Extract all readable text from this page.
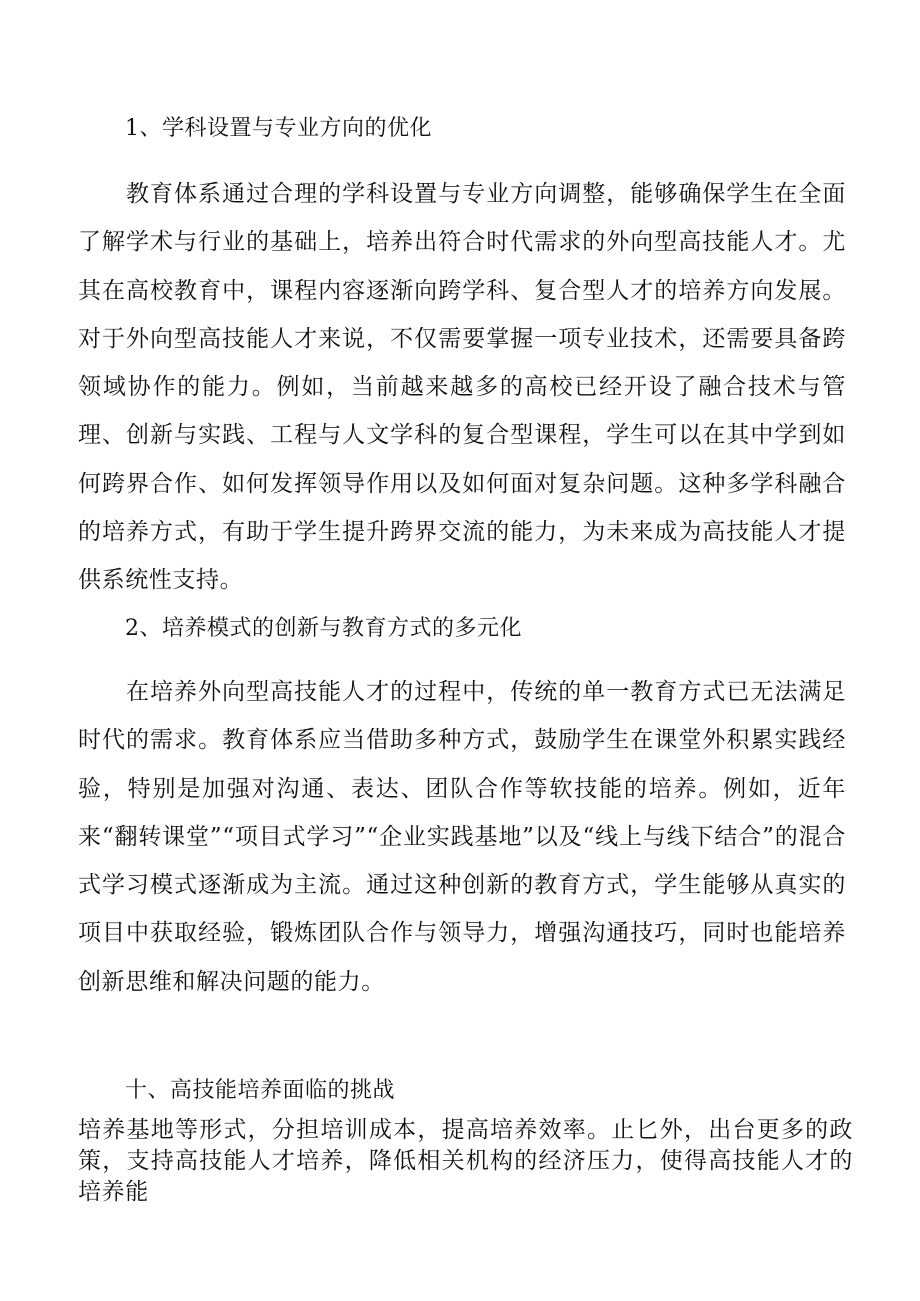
1、学科设置与专业方向的优化

教育体系通过合理的学科设置与专业方向调整，能够确保学生在全面了解学术与行业的基础上，培养出符合时代需求的外向型高技能人才。尤其在高校教育中，课程内容逐渐向跨学科、复合型人才的培养方向发展。对于外向型高技能人才来说，不仅需要掌握一项专业技术，还需要具备跨领域协作的能力。例如，当前越来越多的高校已经开设了融合技术与管理、创新与实践、工程与人文学科的复合型课程，学生可以在其中学到如何跨界合作、如何发挥领导作用以及如何面对复杂问题。这种多学科融合的培养方式，有助于学生提升跨界交流的能力，为未来成为高技能人才提供系统性支持。

2、培养模式的创新与教育方式的多元化

在培养外向型高技能人才的过程中，传统的单一教育方式已无法满足时代的需求。教育体系应当借助多种方式，鼓励学生在课堂外积累实践经验，特别是加强对沟通、表达、团队合作等软技能的培养。例如，近年来“翻转课堂”“项目式学习”“企业实践基地”以及“线上与线下结合”的混合式学习模式逐渐成为主流。通过这种创新的教育方式，学生能够从真实的项目中获取经验，锻炼团队合作与领导力，增强沟通技巧，同时也能培养创新思维和解决问题的能力。

十、高技能培养面临的挑战

培养基地等形式，分担培训成本，提高培养效率。止匕外，出台更多的政策，支持高技能人才培养，降低相关机构的经济压力，使得高技能人才的培养能
